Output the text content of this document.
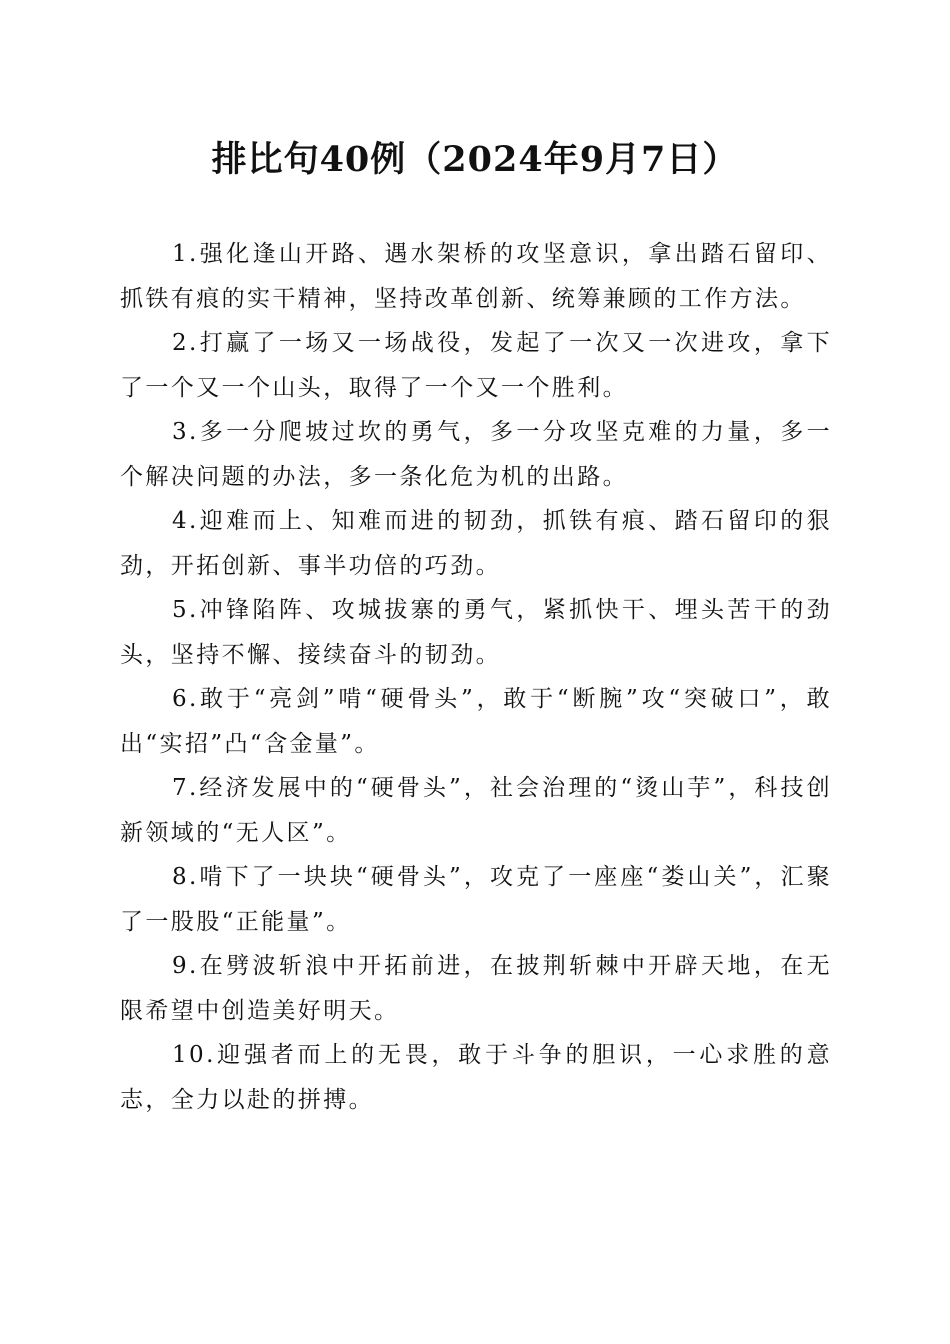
排比句40例（2024年9月7日）

1.强化逢山开路、遇水架桥的攻坚意识，拿出踏石留印、抓铁有痕的实干精神，坚持改革创新、统筹兼顾的工作方法。

2.打赢了一场又一场战役，发起了一次又一次进攻，拿下了一个又一个山头，取得了一个又一个胜利。

3.多一分爬坡过坎的勇气，多一分攻坚克难的力量，多一个解决问题的办法，多一条化危为机的出路。

4.迎难而上、知难而进的韧劲，抓铁有痕、踏石留印的狠劲，开拓创新、事半功倍的巧劲。

5.冲锋陷阵、攻城拔寨的勇气，紧抓快干、埋头苦干的劲头，坚持不懈、接续奋斗的韧劲。

6.敢于“亮剑”啃“硬骨头”，敢于“断腕”攻“突破口”，敢出“实招”凸“含金量”。

7.经济发展中的“硬骨头”，社会治理的“烫山芋”，科技创新领域的“无人区”。

8.啃下了一块块“硬骨头”，攻克了一座座“娄山关”，汇聚了一股股“正能量”。

9.在劈波斩浪中开拓前进，在披荆斩棘中开辟天地，在无限希望中创造美好明天。

10.迎强者而上的无畏，敢于斗争的胆识，一心求胜的意志，全力以赴的拼搏。
